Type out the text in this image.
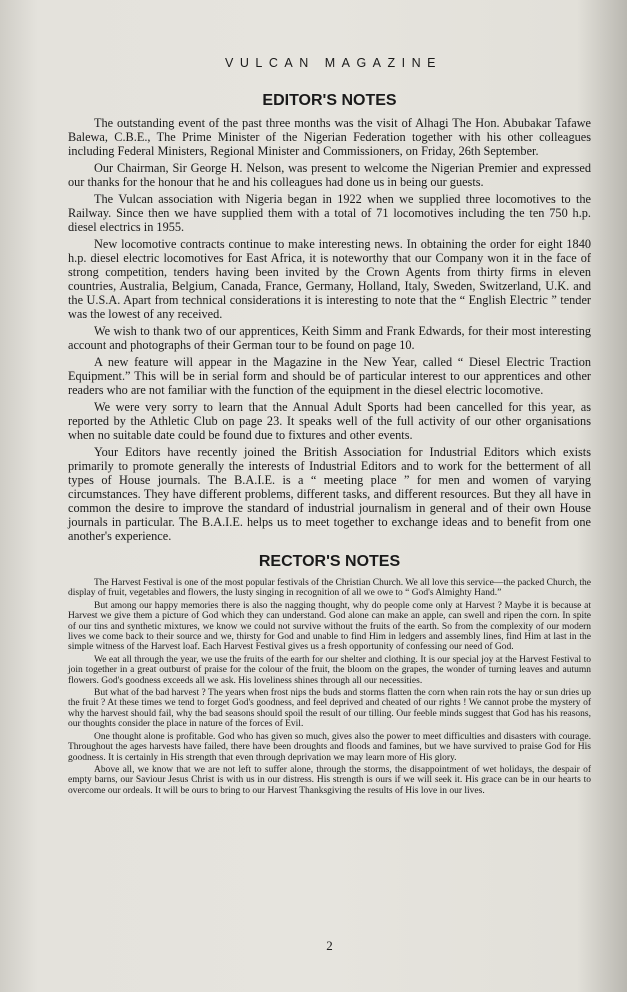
VULCAN MAGAZINE
EDITOR'S NOTES

The outstanding event of the past three months was the visit of Alhagi The Hon. Abubakar Tafawe Balewa, C.B.E., The Prime Minister of the Nigerian Federation together with his other colleagues including Federal Ministers, Regional Minister and Commissioners, on Friday, 26th September.

Our Chairman, Sir George H. Nelson, was present to welcome the Nigerian Premier and expressed our thanks for the honour that he and his colleagues had done us in being our guests.

The Vulcan association with Nigeria began in 1922 when we supplied three locomotives to the Railway. Since then we have supplied them with a total of 71 locomotives including the ten 750 h.p. diesel electrics in 1955.

New locomotive contracts continue to make interesting news. In obtaining the order for eight 1840 h.p. diesel electric locomotives for East Africa, it is noteworthy that our Company won it in the face of strong competition, tenders having been invited by the Crown Agents from thirty firms in eleven countries, Australia, Belgium, Canada, France, Germany, Holland, Italy, Sweden, Switzerland, U.K. and the U.S.A. Apart from technical considerations it is interesting to note that the “ English Electric ” tender was the lowest of any received.

We wish to thank two of our apprentices, Keith Simm and Frank Edwards, for their most interesting account and photographs of their German tour to be found on page 10.

A new feature will appear in the Magazine in the New Year, called “ Diesel Electric Traction Equipment.” This will be in serial form and should be of particular interest to our apprentices and other readers who are not familiar with the function of the equipment in the diesel electric locomotive.

We were very sorry to learn that the Annual Adult Sports had been cancelled for this year, as reported by the Athletic Club on page 23. It speaks well of the full activity of our other organisations when no suitable date could be found due to fixtures and other events.

Your Editors have recently joined the British Association for Industrial Editors which exists primarily to promote generally the interests of Industrial Editors and to work for the betterment of all types of House journals. The B.A.I.E. is a “ meeting place ” for men and women of varying circumstances. They have different problems, different tasks, and different resources. But they all have in common the desire to improve the standard of industrial journalism in general and of their own House journals in particular. The B.A.I.E. helps us to meet together to exchange ideas and to benefit from one another's experience.

RECTOR'S NOTES

The Harvest Festival is one of the most popular festivals of the Christian Church. We all love this service—the packed Church, the display of fruit, vegetables and flowers, the lusty singing in recognition of all we owe to “ God's Almighty Hand.”

But among our happy memories there is also the nagging thought, why do people come only at Harvest ? Maybe it is because at Harvest we give them a picture of God which they can understand. God alone can make an apple, can swell and ripen the corn. In spite of our tins and synthetic mixtures, we know we could not survive without the fruits of the earth. So from the complexity of our modern lives we come back to their source and we, thirsty for God and unable to find Him in ledgers and assembly lines, find Him at last in the simple witness of the Harvest loaf. Each Harvest Festival gives us a fresh opportunity of confessing our need of God.

We eat all through the year, we use the fruits of the earth for our shelter and clothing. It is our special joy at the Harvest Festival to join together in a great outburst of praise for the colour of the fruit, the bloom on the grapes, the wonder of turning leaves and autumn flowers. God's goodness exceeds all we ask. His loveliness shines through all our necessities.

But what of the bad harvest ? The years when frost nips the buds and storms flatten the corn when rain rots the hay or sun dries up the fruit ? At these times we tend to forget God's goodness, and feel deprived and cheated of our rights ! We cannot probe the mystery of why the harvest should fail, why the bad seasons should spoil the result of our tilling. Our feeble minds suggest that God has his reasons, our thoughts consider the place in nature of the forces of Evil.

One thought alone is profitable. God who has given so much, gives also the power to meet difficulties and disasters with courage. Throughout the ages harvests have failed, there have been droughts and floods and famines, but we have survived to praise God for His goodness. It is certainly in His strength that even through deprivation we may learn more of His glory.

Above all, we know that we are not left to suffer alone, through the storms, the disappointment of wet holidays, the despair of empty barns, our Saviour Jesus Christ is with us in our distress. His strength is ours if we will seek it. His grace can be in our hearts to overcome our ordeals. It will be ours to bring to our Harvest Thanksgiving the results of His love in our lives.

2
